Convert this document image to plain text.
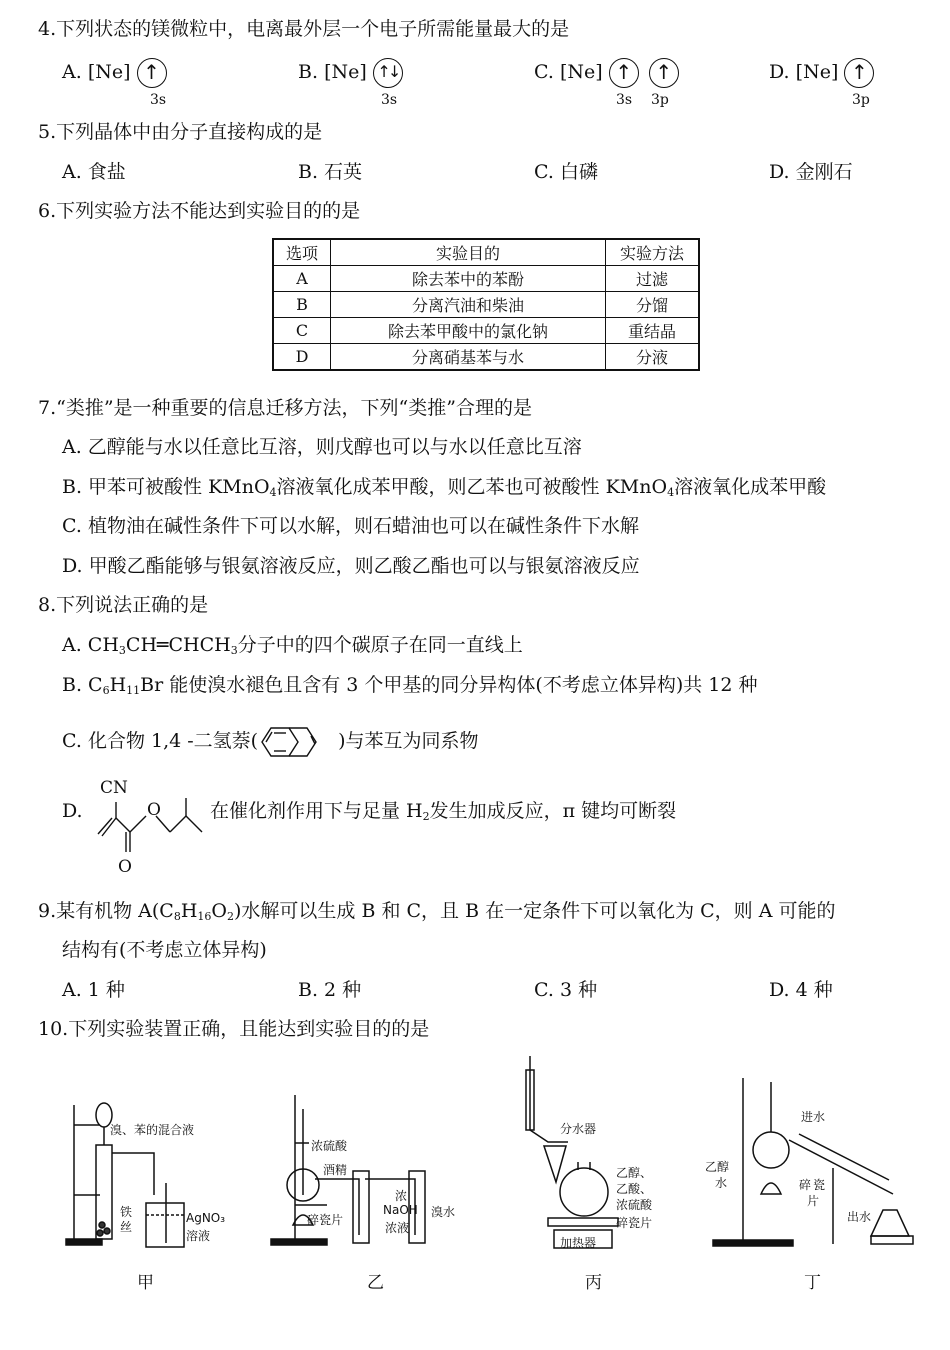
4.下列状态的镁微粒中，电离最外层一个电子所需能量最大的是
A. [Ne] ↑
3s
B. [Ne] ↑↓
3s
C. [Ne] ↑ ↑
3s 3p
D. [Ne] ↑
3p
5.下列晶体中由分子直接构成的是
A. 食盐	B. 石英	C. 白磷	D. 金刚石
6.下列实验方法不能达到实验目的的是
选项	实验目的	实验方法
A	除去苯中的苯酚	过滤
B	分离汽油和柴油	分馏
C	除去苯甲酸中的氯化钠	重结晶
D	分离硝基苯与水	分液
7.“类推”是一种重要的信息迁移方法，下列“类推”合理的是
A. 乙醇能与水以任意比互溶，则戊醇也可以与水以任意比互溶
B. 甲苯可被酸性 KMnO$_4$溶液氧化成苯甲酸，则乙苯也可被酸性 KMnO$_4$溶液氧化成苯甲酸
C. 植物油在碱性条件下可以水解，则石蜡油也可以在碱性条件下水解
D. 甲酸乙酯能够与银氨溶液反应，则乙酸乙酯也可以与银氨溶液反应
8.下列说法正确的是
A. $CH_3CH═CHCH_3$分子中的四个碳原子在同一直线上
B. $C_6H_{11}Br$ 能使溴水褪色且含有 3 个甲基的同分异构体(不考虑立体异构)共 12 种
C. 化合物 1,4 -二氢萘(	)与苯互为同系物
D.
CN
O
O
在催化剂作用下与足量 $H_2$发生加成反应，π 键均可断裂
9.某有机物 $A(C_8H_{16}O_2)$水解可以生成 B 和 C，且 B 在一定条件下可以氧化为 C，则 A 可能的
结构有(不考虑立体异构)
A. 1 种	B. 2 种	C. 3 种	D. 4 种
10.下列实验装置正确，且能达到实验目的的是
溴、苯的混合液
铁
丝
AgNO₃
溶液
甲
浓硫酸
酒精
碎瓷片
浓
NaOH
浓液
溴水
乙
分水器
乙醇、
乙酸、
浓硫酸
碎瓷片
加热器
丙
进水
乙醇
水	碎 瓷
片
出水
丁
